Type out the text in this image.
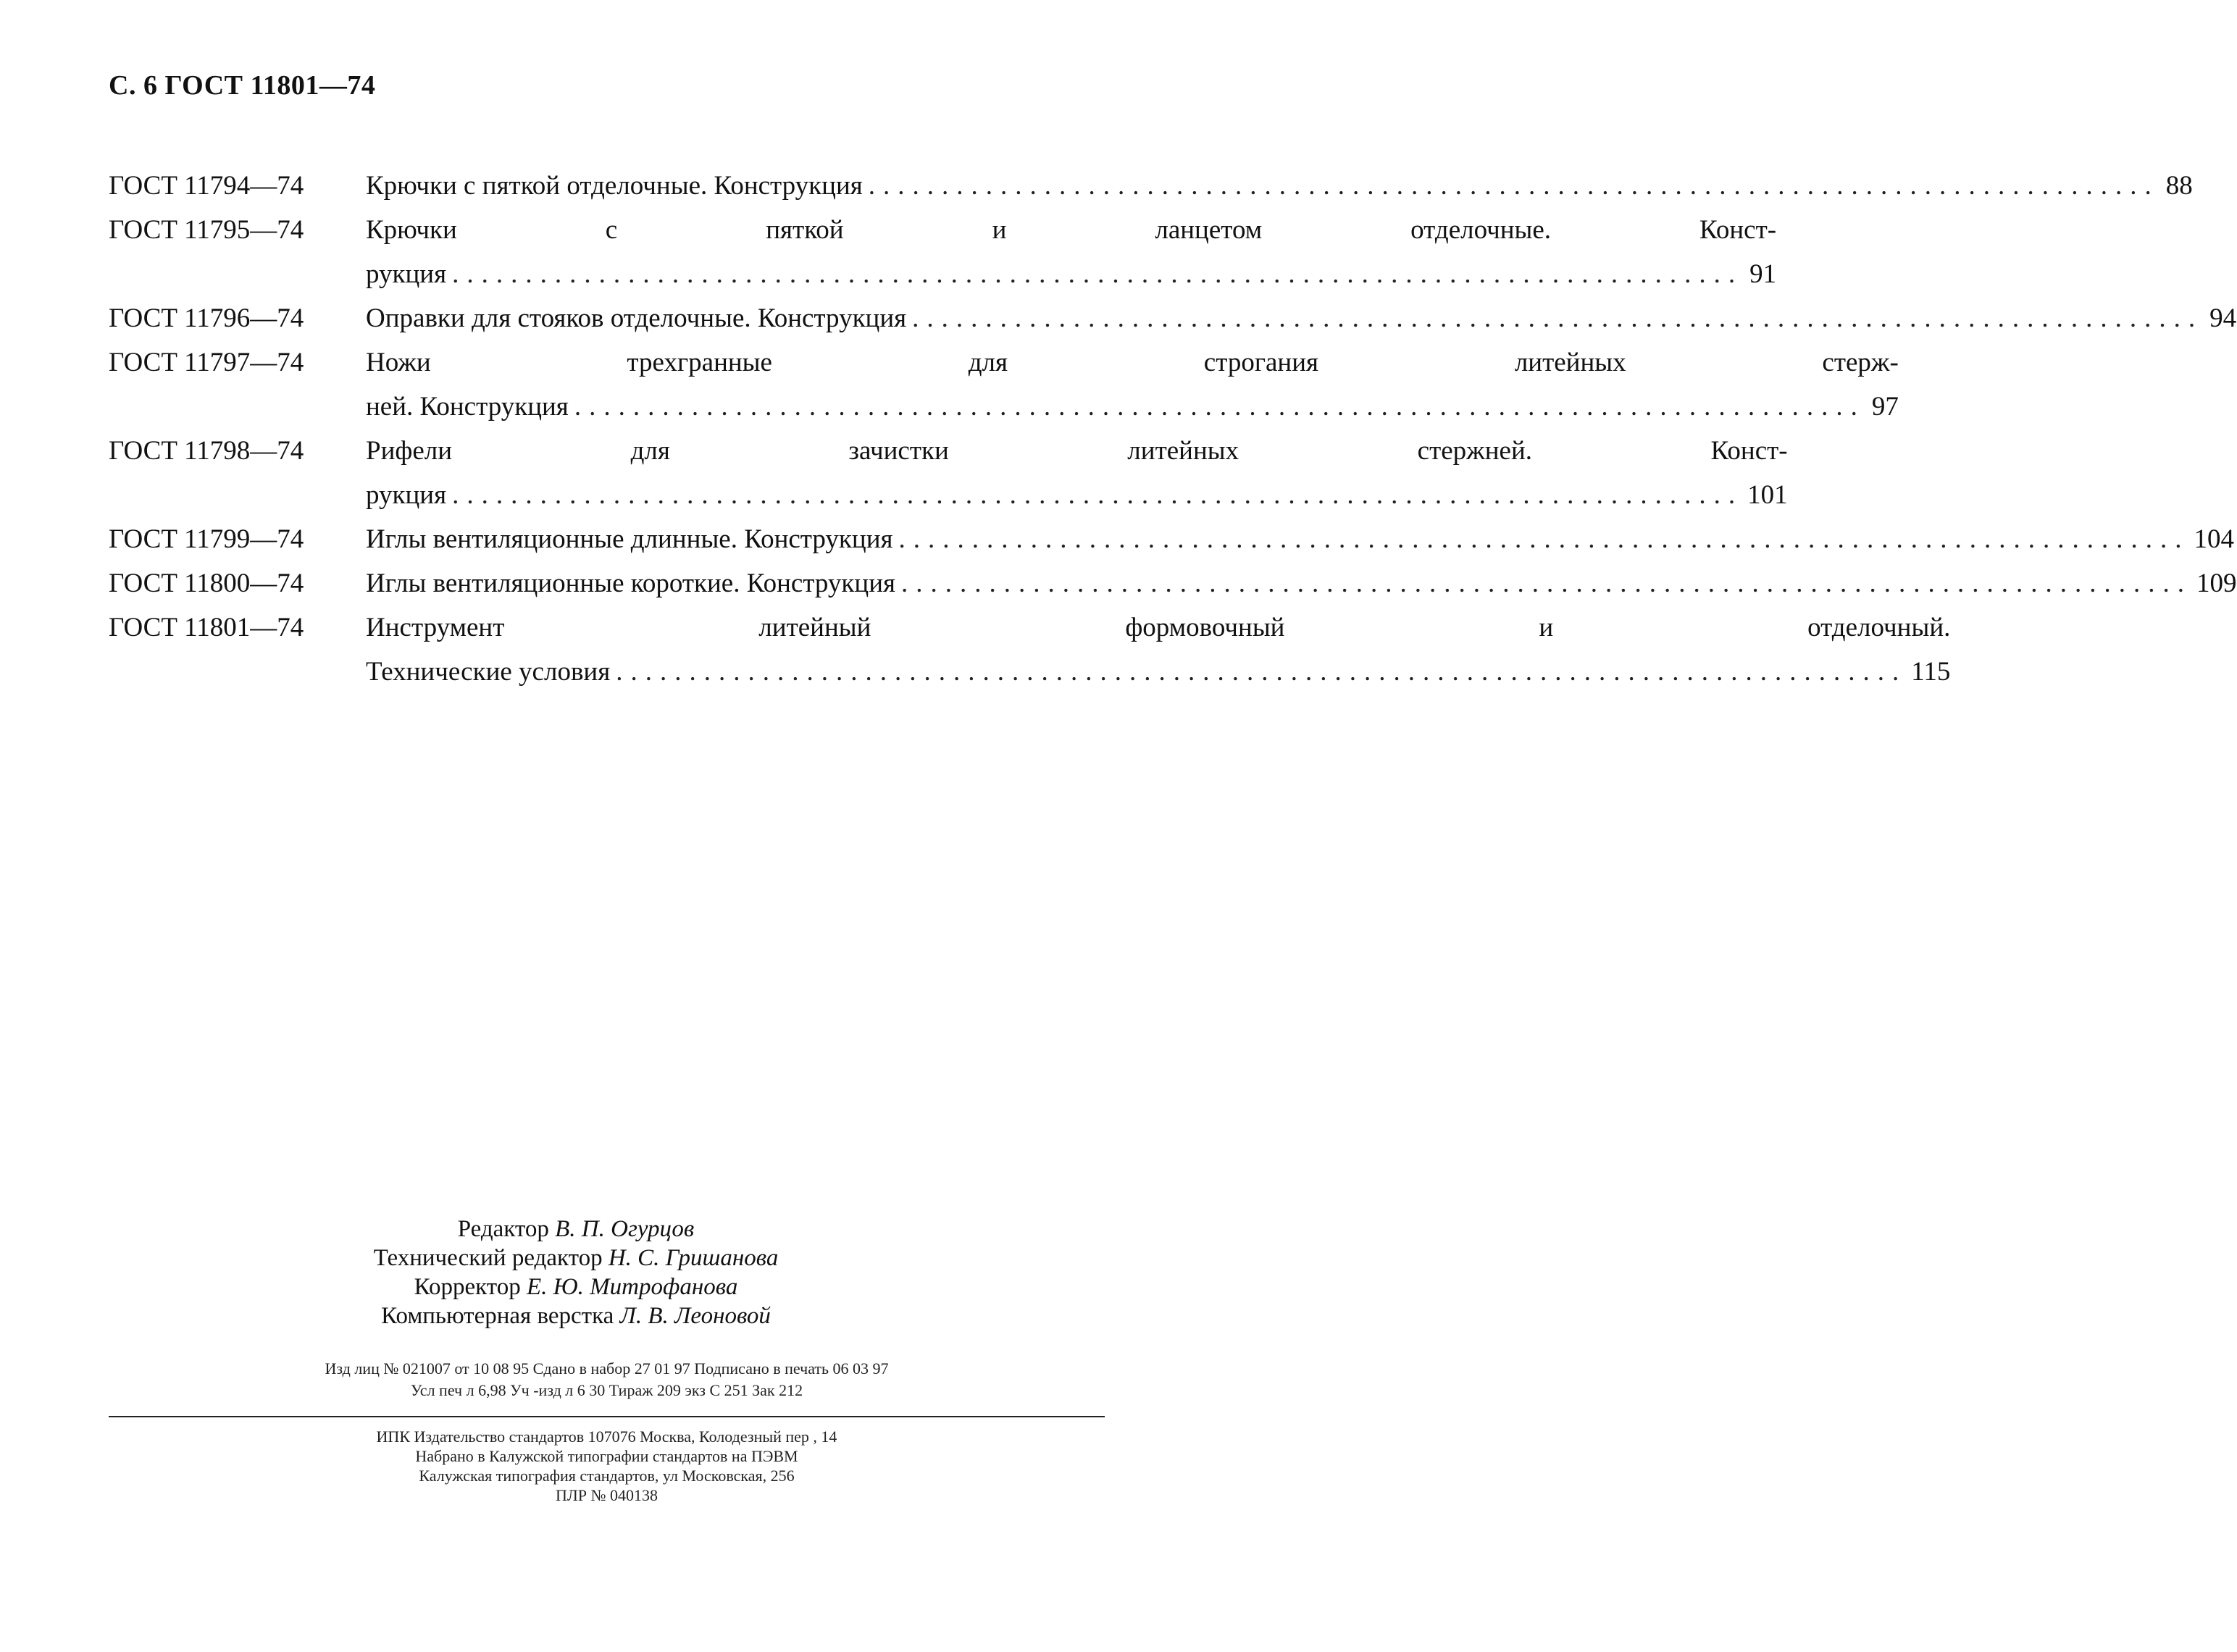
С. 6 ГОСТ 11801—74
ГОСТ 11794—74	Крючки с пяткой отделочные. Конструкция ........................................................................................ 88
ГОСТ 11795—74	Крючки с пяткой и ланцетом отделочные. Конст-
рукция ........................................................................................ 91
ГОСТ 11796—74	Оправки для стояков отделочные. Конструкция ........................................................................................ 94
ГОСТ 11797—74	Ножи трехгранные для строгания литейных стерж-
ней. Конструкция ........................................................................................ 97
ГОСТ 11798—74	Рифели для зачистки литейных стержней. Конст-
рукция ........................................................................................ 101
ГОСТ 11799—74	Иглы вентиляционные длинные. Конструкция ........................................................................................ 104
ГОСТ 11800—74	Иглы вентиляционные короткие. Конструкция ........................................................................................ 109
ГОСТ 11801—74	Инструмент литейный формовочный и отделочный.
Технические условия ........................................................................................ 115
Редактор В. П. Огурцов
Технический редактор Н. С. Гришанова
Корректор Е. Ю. Митрофанова
Компьютерная верстка Л. В. Леоновой
Изд лиц № 021007 от 10 08 95 Сдано в набор 27 01 97 Подписано в печать 06 03 97
Усл печ л 6,98 Уч -изд л 6 30 Тираж 209 экз С 251 Зак 212
ИПК Издательство стандартов 107076 Москва, Колодезный пер , 14
Набрано в Калужской типографии стандартов на ПЭВМ
Калужская типография стандартов, ул Московская, 256
ПЛР № 040138
